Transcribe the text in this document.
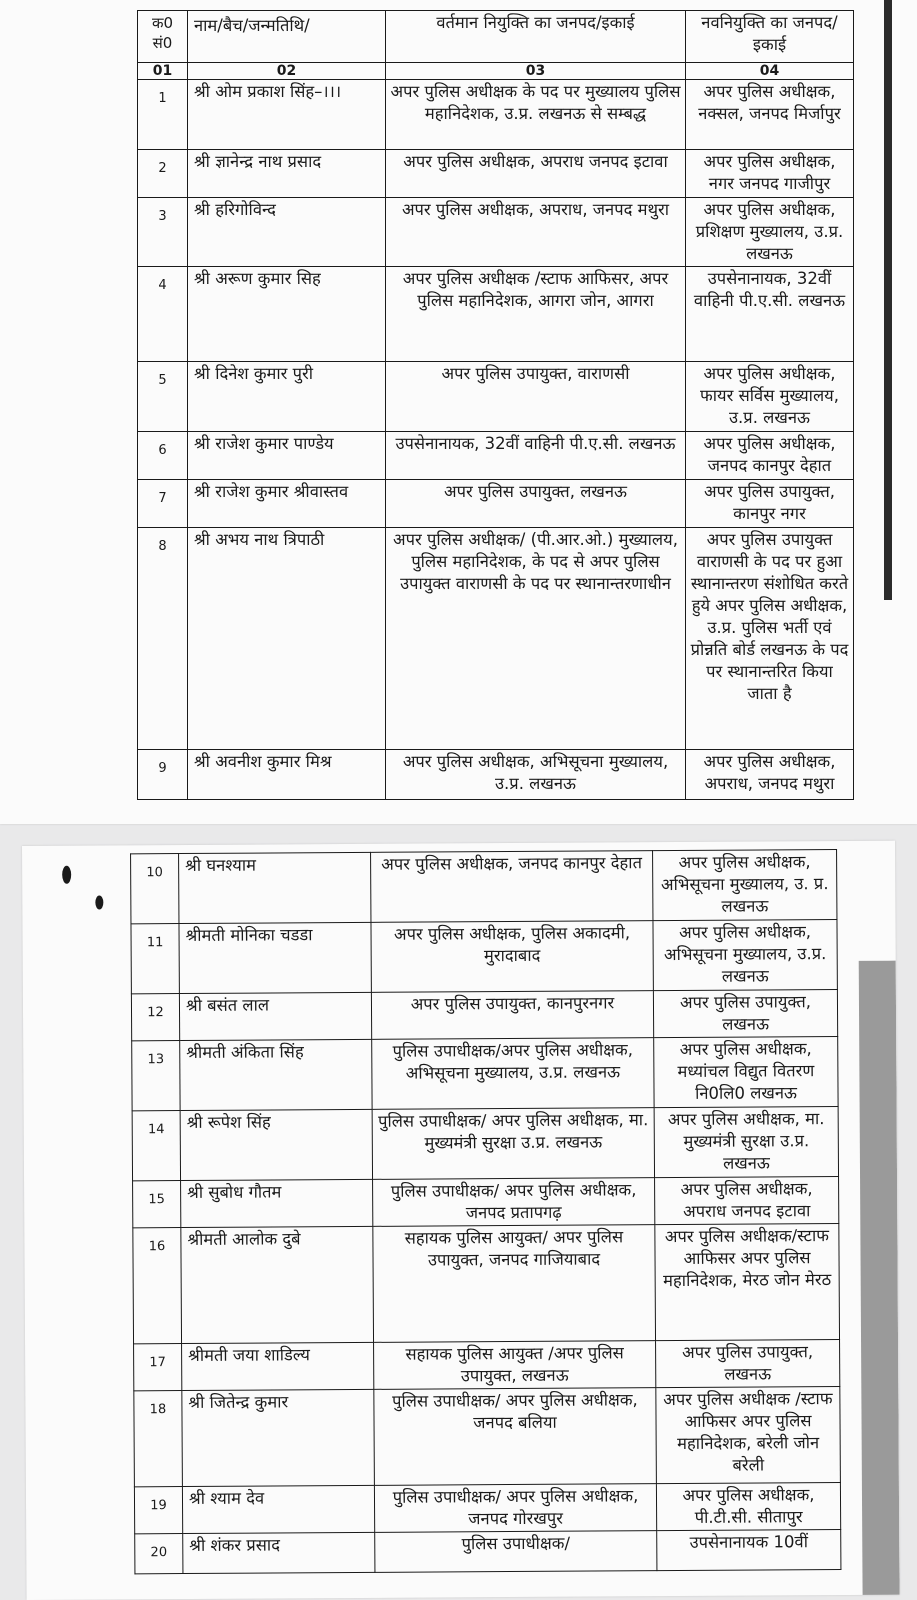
क0 सं0	नाम/बैच/जन्मतिथि/	वर्तमान नियुक्ति का जनपद/इकाई	नवनियुक्ति का जनपद/इकाई
01	02	03	04
1	श्री ओम प्रकाश सिंह–।।।	अपर पुलिस अधीक्षक के पद पर मुख्यालय पुलिस महानिदेशक, उ.प्र. लखनऊ से सम्बद्ध	अपर पुलिस अधीक्षक, नक्सल, जनपद मिर्जापुर
2	श्री ज्ञानेन्द्र नाथ प्रसाद	अपर पुलिस अधीक्षक, अपराध जनपद इटावा	अपर पुलिस अधीक्षक, नगर जनपद गाजीपुर
3	श्री हरिगोविन्द	अपर पुलिस अधीक्षक, अपराध, जनपद मथुरा	अपर पुलिस अधीक्षक, प्रशिक्षण मुख्यालय, उ.प्र. लखनऊ
4	श्री अरूण कुमार सिह	अपर पुलिस अधीक्षक /स्टाफ आफिसर, अपर पुलिस महानिदेशक, आगरा जोन, आगरा	उपसेनानायक, 32वीं वाहिनी पी.ए.सी. लखनऊ
5	श्री दिनेश कुमार पुरी	अपर पुलिस उपायुक्त, वाराणसी	अपर पुलिस अधीक्षक, फायर सर्विस मुख्यालय, उ.प्र. लखनऊ
6	श्री राजेश कुमार पाण्डेय	उपसेनानायक, 32वीं वाहिनी पी.ए.सी. लखनऊ	अपर पुलिस अधीक्षक, जनपद कानपुर देहात
7	श्री राजेश कुमार श्रीवास्तव	अपर पुलिस उपायुक्त, लखनऊ	अपर पुलिस उपायुक्त, कानपुर नगर
8	श्री अभय नाथ त्रिपाठी	अपर पुलिस अधीक्षक/ (पी.आर.ओ.) मुख्यालय, पुलिस महानिदेशक, के पद से अपर पुलिस उपायुक्त वाराणसी के पद पर स्थानान्तरणाधीन	अपर पुलिस उपायुक्त वाराणसी के पद पर हुआ स्थानान्तरण संशोधित करते हुये अपर पुलिस अधीक्षक, उ.प्र. पुलिस भर्ती एवं प्रोन्नति बोर्ड लखनऊ के पद पर स्थानान्तरित किया जाता है
9	श्री अवनीश कुमार मिश्र	अपर पुलिस अधीक्षक, अभिसूचना मुख्यालय, उ.प्र. लखनऊ	अपर पुलिस अधीक्षक, अपराध, जनपद मथुरा
10	श्री घनश्याम	अपर पुलिस अधीक्षक, जनपद कानपुर देहात	अपर पुलिस अधीक्षक, अभिसूचना मुख्यालय, उ. प्र. लखनऊ
11	श्रीमती मोनिका चडडा	अपर पुलिस अधीक्षक, पुलिस अकादमी, मुरादाबाद	अपर पुलिस अधीक्षक, अभिसूचना मुख्यालय, उ.प्र. लखनऊ
12	श्री बसंत लाल	अपर पुलिस उपायुक्त, कानपुरनगर	अपर पुलिस उपायुक्त, लखनऊ
13	श्रीमती अंकिता सिंह	पुलिस उपाधीक्षक/अपर पुलिस अधीक्षक, अभिसूचना मुख्यालय, उ.प्र. लखनऊ	अपर पुलिस अधीक्षक, मध्यांचल विद्युत वितरण नि0लि0 लखनऊ
14	श्री रूपेश सिंह	पुलिस उपाधीक्षक/ अपर पुलिस अधीक्षक, मा. मुख्यमंत्री सुरक्षा उ.प्र. लखनऊ	अपर पुलिस अधीक्षक, मा. मुख्यमंत्री सुरक्षा उ.प्र. लखनऊ
15	श्री सुबोध गौतम	पुलिस उपाधीक्षक/ अपर पुलिस अधीक्षक, जनपद प्रतापगढ़	अपर पुलिस अधीक्षक, अपराध जनपद इटावा
16	श्रीमती आलोक दुबे	सहायक पुलिस आयुक्त/ अपर पुलिस उपायुक्त, जनपद गाजियाबाद	अपर पुलिस अधीक्षक/स्टाफ आफिसर अपर पुलिस महानिदेशक, मेरठ जोन मेरठ
17	श्रीमती जया शाडिल्य	सहायक पुलिस आयुक्त /अपर पुलिस उपायुक्त, लखनऊ	अपर पुलिस उपायुक्त, लखनऊ
18	श्री जितेन्द्र कुमार	पुलिस उपाधीक्षक/ अपर पुलिस अधीक्षक, जनपद बलिया	अपर पुलिस अधीक्षक /स्टाफ आफिसर अपर पुलिस महानिदेशक, बरेली जोन बरेली
19	श्री श्याम देव	पुलिस उपाधीक्षक/ अपर पुलिस अधीक्षक, जनपद गोरखपुर	अपर पुलिस अधीक्षक, पी.टी.सी. सीतापुर
20	श्री शंकर प्रसाद	पुलिस उपाधीक्षक/	उपसेनानायक 10वीं
